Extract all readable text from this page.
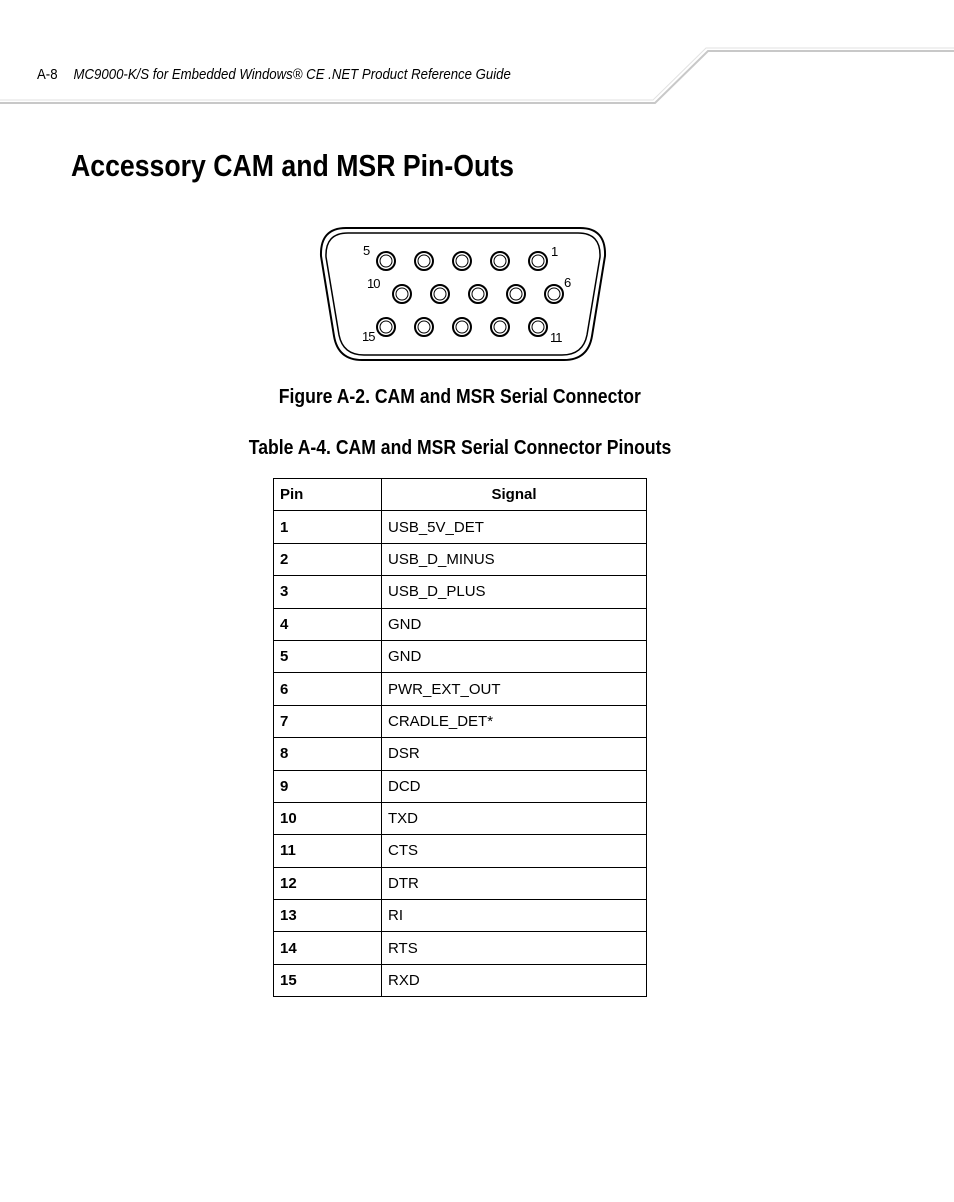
A-8 MC9000-K/S for Embedded Windows® CE .NET Product Reference Guide
Accessory CAM and MSR Pin-Outs
5	1
10	6
15	11
Figure A-2. CAM and MSR Serial Connector
Table A-4. CAM and MSR Serial Connector Pinouts
Pin	Signal
1	USB_5V_DET
2	USB_D_MINUS
3	USB_D_PLUS
4	GND
5	GND
6	PWR_EXT_OUT
7	CRADLE_DET*
8	DSR
9	DCD
10	TXD
11	CTS
12	DTR
13	RI
14	RTS
15	RXD
